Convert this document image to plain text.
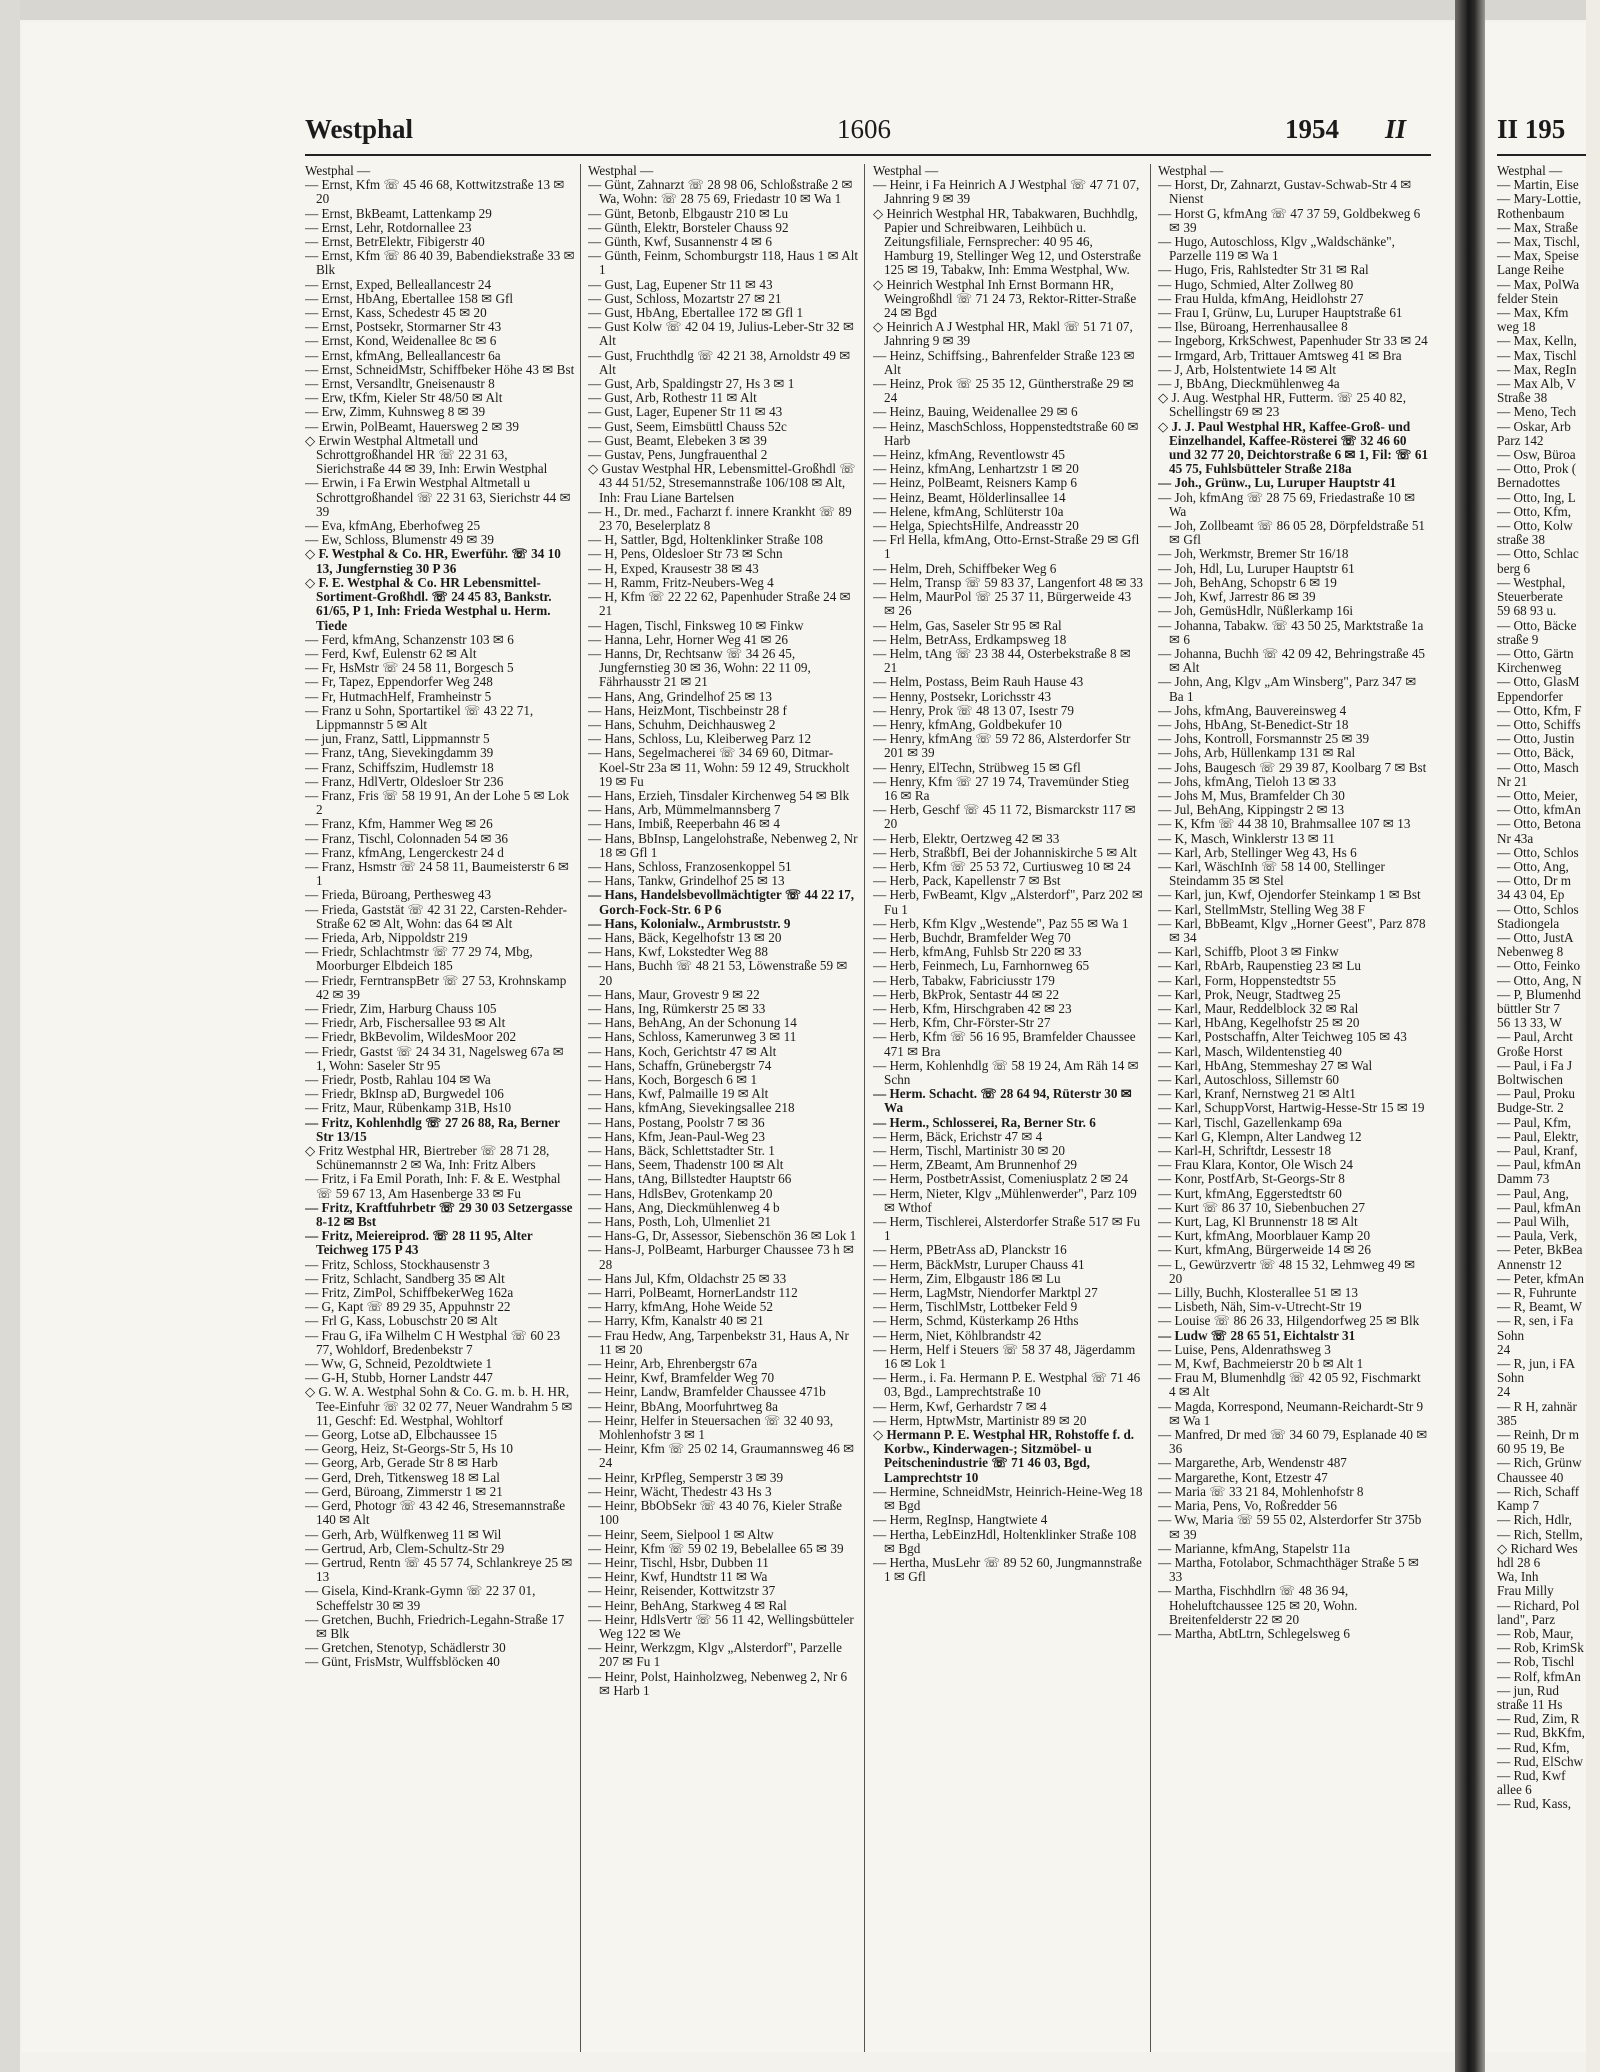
Westphal	1606	1954 II
Westphal —
— Ernst, Kfm ☏ 45 46 68, Kottwitzstraße 13 ✉ 20
— Ernst, BkBeamt, Lattenkamp 29
— Ernst, Lehr, Rotdornallee 23
— Ernst, BetrElektr, Fibigerstr 40
— Ernst, Kfm ☏ 86 40 39, Babendiekstraße 33 ✉ Blk
— Ernst, Exped, Belleallancestr 24
— Ernst, HbAng, Ebertallee 158 ✉ Gfl
— Ernst, Kass, Schedestr 45 ✉ 20
— Ernst, Postsekr, Stormarner Str 43
— Ernst, Kond, Weidenallee 8c ✉ 6
— Ernst, kfmAng, Belleallancestr 6a
— Ernst, SchneidMstr, Schiffbeker Höhe 43 ✉ Bst
— Ernst, Versandltr, Gneisenaustr 8
— Erw, tKfm, Kieler Str 48/50 ✉ Alt
— Erw, Zimm, Kuhnsweg 8 ✉ 39
— Erwin, PolBeamt, Hauersweg 2 ✉ 39
◇ Erwin Westphal Altmetall und Schrottgroßhandel HR ☏ 22 31 63, Sierichstraße 44 ✉ 39, Inh: Erwin Westphal
— Erwin, i Fa Erwin Westphal Altmetall u Schrottgroßhandel ☏ 22 31 63, Sierichstr 44 ✉ 39
— Eva, kfmAng, Eberhofweg 25
— Ew, Schloss, Blumenstr 49 ✉ 39
◇ F. Westphal & Co. HR, Ewerführ. ☏ 34 10 13, Jungfernstieg 30 P 36
◇ F. E. Westphal & Co. HR Lebensmittel-Sortiment-Großhdl. ☏ 24 45 83, Bankstr. 61/65, P 1, Inh: Frieda Westphal u. Herm. Tiede
— Ferd, kfmAng, Schanzenstr 103 ✉ 6
— Ferd, Kwf, Eulenstr 62 ✉ Alt
— Fr, HsMstr ☏ 24 58 11, Borgesch 5
— Fr, Tapez, Eppendorfer Weg 248
— Fr, HutmachHelf, Framheinstr 5
— Franz u Sohn, Sportartikel ☏ 43 22 71, Lippmannstr 5 ✉ Alt
— jun, Franz, Sattl, Lippmannstr 5
— Franz, tAng, Sievekingdamm 39
— Franz, Schiffszim, Hudlemstr 18
— Franz, HdlVertr, Oldesloer Str 236
— Franz, Fris ☏ 58 19 91, An der Lohe 5 ✉ Lok 2
— Franz, Kfm, Hammer Weg ✉ 26
— Franz, Tischl, Colonnaden 54 ✉ 36
— Franz, kfmAng, Lengerckestr 24 d
— Franz, Hsmstr ☏ 24 58 11, Baumeisterstr 6 ✉ 1
— Frieda, Büroang, Perthesweg 43
— Frieda, Gaststät ☏ 42 31 22, Carsten-Rehder-Straße 62 ✉ Alt, Wohn: das 64 ✉ Alt
— Frieda, Arb, Nippoldstr 219
— Friedr, Schlachtmstr ☏ 77 29 74, Mbg, Moorburger Elbdeich 185
— Friedr, FerntranspBetr ☏ 27 53, Krohnskamp 42 ✉ 39
— Friedr, Zim, Harburg Chauss 105
— Friedr, Arb, Fischersallee 93 ✉ Alt
— Friedr, BkBevolim, WildesMoor 202
— Friedr, Gastst ☏ 24 34 31, Nagelsweg 67a ✉ 1, Wohn: Saseler Str 95
— Friedr, Postb, Rahlau 104 ✉ Wa
— Friedr, BkInsp aD, Burgwedel 106
— Fritz, Maur, Rübenkamp 31B, Hs10
— Fritz, Kohlenhdlg ☏ 27 26 88, Ra, Berner Str 13/15
◇ Fritz Westphal HR, Biertreber ☏ 28 71 28, Schünemannstr 2 ✉ Wa, Inh: Fritz Albers
— Fritz, i Fa Emil Porath, Inh: F. & E. Westphal ☏ 59 67 13, Am Hasenberge 33 ✉ Fu
— Fritz, Kraftfuhrbetr ☏ 29 30 03 Setzergasse 8-12 ✉ Bst
— Fritz, Meiereiprod. ☏ 28 11 95, Alter Teichweg 175 P 43
— Fritz, Schloss, Stockhausenstr 3
— Fritz, Schlacht, Sandberg 35 ✉ Alt
— Fritz, ZimPol, SchiffbekerWeg 162a
— G, Kapt ☏ 89 29 35, Appuhnstr 22
— Frl G, Kass, Lobuschstr 20 ✉ Alt
— Frau G, iFa Wilhelm C H Westphal ☏ 60 23 77, Wohldorf, Bredenbekstr 7
— Ww, G, Schneid, Pezoldtwiete 1
— G-H, Stubb, Horner Landstr 447
◇ G. W. A. Westphal Sohn & Co. G. m. b. H. HR, Tee-Einfuhr ☏ 32 02 77, Neuer Wandrahm 5 ✉ 11, Geschf: Ed. Westphal, Wohltorf
— Georg, Lotse aD, Elbchaussee 15
— Georg, Heiz, St-Georgs-Str 5, Hs 10
— Georg, Arb, Gerade Str 8 ✉ Harb
— Gerd, Dreh, Titkensweg 18 ✉ Lal
— Gerd, Büroang, Zimmerstr 1 ✉ 21
— Gerd, Photogr ☏ 43 42 46, Stresemannstraße 140 ✉ Alt
— Gerh, Arb, Wülfkenweg 11 ✉ Wil
— Gertrud, Arb, Clem-Schultz-Str 29
— Gertrud, Rentn ☏ 45 57 74, Schlankreye 25 ✉ 13
— Gisela, Kind-Krank-Gymn ☏ 22 37 01, Scheffelstr 30 ✉ 39
— Gretchen, Buchh, Friedrich-Legahn-Straße 17 ✉ Blk
— Gretchen, Stenotyp, Schädlerstr 30
— Günt, FrisMstr, Wulffsblöcken 40
Westphal —
— Günt, Zahnarzt ☏ 28 98 06, Schloßstraße 2 ✉ Wa, Wohn: ☏ 28 75 69, Friedastr 10 ✉ Wa 1
— Günt, Betonb, Elbgaustr 210 ✉ Lu
— Günth, Elektr, Borsteler Chauss 92
— Günth, Kwf, Susannenstr 4 ✉ 6
— Günth, Feinm, Schomburgstr 118, Haus 1 ✉ Alt 1
— Gust, Lag, Eupener Str 11 ✉ 43
— Gust, Schloss, Mozartstr 27 ✉ 21
— Gust, HbAng, Ebertallee 172 ✉ Gfl 1
— Gust Kolw ☏ 42 04 19, Julius-Leber-Str 32 ✉ Alt
— Gust, Fruchthdlg ☏ 42 21 38, Arnoldstr 49 ✉ Alt
— Gust, Arb, Spaldingstr 27, Hs 3 ✉ 1
— Gust, Arb, Rothestr 11 ✉ Alt
— Gust, Lager, Eupener Str 11 ✉ 43
— Gust, Seem, Eimsbüttl Chauss 52c
— Gust, Beamt, Elebeken 3 ✉ 39
— Gustav, Pens, Jungfrauenthal 2
◇ Gustav Westphal HR, Lebensmittel-Großhdl ☏ 43 44 51/52, Stresemannstraße 106/108 ✉ Alt, Inh: Frau Liane Bartelsen
— H., Dr. med., Facharzt f. innere Krankht ☏ 89 23 70, Beselerplatz 8
— H, Sattler, Bgd, Holtenklinker Straße 108
— H, Pens, Oldesloer Str 73 ✉ Schn
— H, Exped, Krausestr 38 ✉ 43
— H, Ramm, Fritz-Neubers-Weg 4
— H, Kfm ☏ 22 22 62, Papenhuder Straße 24 ✉ 21
— Hagen, Tischl, Finksweg 10 ✉ Finkw
— Hanna, Lehr, Horner Weg 41 ✉ 26
— Hanns, Dr, Rechtsanw ☏ 34 26 45, Jungfernstieg 30 ✉ 36, Wohn: 22 11 09, Fährhausstr 21 ✉ 21
— Hans, Ang, Grindelhof 25 ✉ 13
— Hans, HeizMont, Tischbeinstr 28 f
— Hans, Schuhm, Deichhausweg 2
— Hans, Schloss, Lu, Kleiberweg Parz 12
— Hans, Segelmacherei ☏ 34 69 60, Ditmar-Koel-Str 23a ✉ 11, Wohn: 59 12 49, Struckholt 19 ✉ Fu
— Hans, Erzieh, Tinsdaler Kirchenweg 54 ✉ Blk
— Hans, Arb, Mümmelmannsberg 7
— Hans, Imbiß, Reeperbahn 46 ✉ 4
— Hans, BbInsp, Langelohstraße, Nebenweg 2, Nr 18 ✉ Gfl 1
— Hans, Schloss, Franzosenkoppel 51
— Hans, Tankw, Grindelhof 25 ✉ 13
— Hans, Handelsbevollmächtigter ☏ 44 22 17, Gorch-Fock-Str. 6 P 6
— Hans, Kolonialw., Armbruststr. 9
— Hans, Bäck, Kegelhofstr 13 ✉ 20
— Hans, Kwf, Lokstedter Weg 88
— Hans, Buchh ☏ 48 21 53, Löwenstraße 59 ✉ 20
— Hans, Maur, Grovestr 9 ✉ 22
— Hans, Ing, Rümkerstr 25 ✉ 33
— Hans, BehAng, An der Schonung 14
— Hans, Schloss, Kamerunweg 3 ✉ 11
— Hans, Koch, Gerichtstr 47 ✉ Alt
— Hans, Schaffn, Grünebergstr 74
— Hans, Koch, Borgesch 6 ✉ 1
— Hans, Kwf, Palmaille 19 ✉ Alt
— Hans, kfmAng, Sievekingsallee 218
— Hans, Postang, Poolstr 7 ✉ 36
— Hans, Kfm, Jean-Paul-Weg 23
— Hans, Bäck, Schlettstadter Str. 1
— Hans, Seem, Thadenstr 100 ✉ Alt
— Hans, tAng, Billstedter Hauptstr 66
— Hans, HdlsBev, Grotenkamp 20
— Hans, Ang, Dieckmühlenweg 4 b
— Hans, Posth, Loh, Ulmenliet 21
— Hans-G, Dr, Assessor, Siebenschön 36 ✉ Lok 1
— Hans-J, PolBeamt, Harburger Chaussee 73 h ✉ 28
— Hans Jul, Kfm, Oldachstr 25 ✉ 33
— Harri, PolBeamt, HornerLandstr 112
— Harry, kfmAng, Hohe Weide 52
— Harry, Kfm, Kanalstr 40 ✉ 21
— Frau Hedw, Ang, Tarpenbekstr 31, Haus A, Nr 11 ✉ 20
— Heinr, Arb, Ehrenbergstr 67a
— Heinr, Kwf, Bramfelder Weg 70
— Heinr, Landw, Bramfelder Chaussee 471b
— Heinr, BbAng, Moorfuhrtweg 8a
— Heinr, Helfer in Steuersachen ☏ 32 40 93, Mohlenhofstr 3 ✉ 1
— Heinr, Kfm ☏ 25 02 14, Graumannsweg 46 ✉ 24
— Heinr, KrPfleg, Semperstr 3 ✉ 39
— Heinr, Wächt, Thedestr 43 Hs 3
— Heinr, BbObSekr ☏ 43 40 76, Kieler Straße 100
— Heinr, Seem, Sielpool 1 ✉ Altw
— Heinr, Kfm ☏ 59 02 19, Bebelallee 65 ✉ 39
— Heinr, Tischl, Hsbr, Dubben 11
— Heinr, Kwf, Hundtstr 11 ✉ Wa
— Heinr, Reisender, Kottwitzstr 37
— Heinr, BehAng, Starkweg 4 ✉ Ral
— Heinr, HdlsVertr ☏ 56 11 42, Wellingsbütteler Weg 122 ✉ We
— Heinr, Werkzgm, Klgv „Alsterdorf", Parzelle 207 ✉ Fu 1
— Heinr, Polst, Hainholzweg, Nebenweg 2, Nr 6 ✉ Harb 1
Westphal —
— Heinr, i Fa Heinrich A J Westphal ☏ 47 71 07, Jahnring 9 ✉ 39
◇ Heinrich Westphal HR, Tabakwaren, Buchhdlg, Papier und Schreibwaren, Leihbüch u. Zeitungsfiliale, Fernsprecher: 40 95 46, Hamburg 19, Stellinger Weg 12, und Osterstraße 125 ✉ 19, Tabakw, Inh: Emma Westphal, Ww.
◇ Heinrich Westphal Inh Ernst Bormann HR, Weingroßhdl ☏ 71 24 73, Rektor-Ritter-Straße 24 ✉ Bgd
◇ Heinrich A J Westphal HR, Makl ☏ 51 71 07, Jahnring 9 ✉ 39
— Heinz, Schiffsing., Bahrenfelder Straße 123 ✉ Alt
— Heinz, Prok ☏ 25 35 12, Güntherstraße 29 ✉ 24
— Heinz, Bauing, Weidenallee 29 ✉ 6
— Heinz, MaschSchloss, Hoppenstedtstraße 60 ✉ Harb
— Heinz, kfmAng, Reventlowstr 45
— Heinz, kfmAng, Lenhartzstr 1 ✉ 20
— Heinz, PolBeamt, Reisners Kamp 6
— Heinz, Beamt, Hölderlinsallee 14
— Helene, kfmAng, Schlüterstr 10a
— Helga, SpiechtsHilfe, Andreasstr 20
— Frl Hella, kfmAng, Otto-Ernst-Straße 29 ✉ Gfl 1
— Helm, Dreh, Schiffbeker Weg 6
— Helm, Transp ☏ 59 83 37, Langenfort 48 ✉ 33
— Helm, MaurPol ☏ 25 37 11, Bürgerweide 43 ✉ 26
— Helm, Gas, Saseler Str 95 ✉ Ral
— Helm, BetrAss, Erdkampsweg 18
— Helm, tAng ☏ 23 38 44, Osterbekstraße 8 ✉ 21
— Helm, Postass, Beim Rauh Hause 43
— Henny, Postsekr, Lorichsstr 43
— Henry, Prok ☏ 48 13 07, Isestr 79
— Henry, kfmAng, Goldbekufer 10
— Henry, kfmAng ☏ 59 72 86, Alsterdorfer Str 201 ✉ 39
— Henry, ElTechn, Strübweg 15 ✉ Gfl
— Henry, Kfm ☏ 27 19 74, Travemünder Stieg 16 ✉ Ra
— Herb, Geschf ☏ 45 11 72, Bismarckstr 117 ✉ 20
— Herb, Elektr, Oertzweg 42 ✉ 33
— Herb, StraßbfI, Bei der Johanniskirche 5 ✉ Alt
— Herb, Kfm ☏ 25 53 72, Curtiusweg 10 ✉ 24
— Herb, Pack, Kapellenstr 7 ✉ Bst
— Herb, FwBeamt, Klgv „Alsterdorf", Parz 202 ✉ Fu 1
— Herb, Kfm Klgv „Westende", Paz 55 ✉ Wa 1
— Herb, Buchdr, Bramfelder Weg 70
— Herb, kfmAng, Fuhlsb Str 220 ✉ 33
— Herb, Feinmech, Lu, Farnhornweg 65
— Herb, Tabakw, Fabriciusstr 179
— Herb, BkProk, Sentastr 44 ✉ 22
— Herb, Kfm, Hirschgraben 42 ✉ 23
— Herb, Kfm, Chr-Förster-Str 27
— Herb, Kfm ☏ 56 16 95, Bramfelder Chaussee 471 ✉ Bra
— Herm, Kohlenhdlg ☏ 58 19 24, Am Räh 14 ✉ Schn
— Herm. Schacht. ☏ 28 64 94, Rüterstr 30 ✉ Wa
— Herm., Schlosserei, Ra, Berner Str. 6
— Herm, Bäck, Erichstr 47 ✉ 4
— Herm, Tischl, Martinistr 30 ✉ 20
— Herm, ZBeamt, Am Brunnenhof 29
— Herm, PostbetrAssist, Comeniusplatz 2 ✉ 24
— Herm, Nieter, Klgv „Mühlenwerder", Parz 109 ✉ Wthof
— Herm, Tischlerei, Alsterdorfer Straße 517 ✉ Fu 1
— Herm, PBetrAss aD, Planckstr 16
— Herm, BäckMstr, Luruper Chauss 41
— Herm, Zim, Elbgaustr 186 ✉ Lu
— Herm, LagMstr, Niendorfer Marktpl 27
— Herm, TischlMstr, Lottbeker Feld 9
— Herm, Schmd, Küsterkamp 26 Hths
— Herm, Niet, Köhlbrandstr 42
— Herm, Helf i Steuers ☏ 58 37 48, Jägerdamm 16 ✉ Lok 1
— Herm., i. Fa. Hermann P. E. Westphal ☏ 71 46 03, Bgd., Lamprechtstraße 10
— Herm, Kwf, Gerhardstr 7 ✉ 4
— Herm, HptwMstr, Martinistr 89 ✉ 20
◇ Hermann P. E. Westphal HR, Rohstoffe f. d. Korbw., Kinderwagen-; Sitzmöbel- u Peitschenindustrie ☏ 71 46 03, Bgd, Lamprechtstr 10
— Hermine, SchneidMstr, Heinrich-Heine-Weg 18 ✉ Bgd
— Herm, RegInsp, Hangtwiete 4
— Hertha, LebEinzHdl, Holtenklinker Straße 108 ✉ Bgd
— Hertha, MusLehr ☏ 89 52 60, Jungmannstraße 1 ✉ Gfl
Westphal —
— Horst, Dr, Zahnarzt, Gustav-Schwab-Str 4 ✉ Nienst
— Horst G, kfmAng ☏ 47 37 59, Goldbekweg 6 ✉ 39
— Hugo, Autoschloss, Klgv „Waldschänke", Parzelle 119 ✉ Wa 1
— Hugo, Fris, Rahlstedter Str 31 ✉ Ral
— Hugo, Schmied, Alter Zollweg 80
— Frau Hulda, kfmAng, Heidlohstr 27
— Frau I, Grünw, Lu, Luruper Hauptstraße 61
— Ilse, Büroang, Herrenhausallee 8
— Ingeborg, KrkSchwest, Papenhuder Str 33 ✉ 24
— Irmgard, Arb, Trittauer Amtsweg 41 ✉ Bra
— J, Arb, Holstentwiete 14 ✉ Alt
— J, BbAng, Dieckmühlenweg 4a
◇ J. Aug. Westphal HR, Futterm. ☏ 25 40 82, Schellingstr 69 ✉ 23
◇ J. J. Paul Westphal HR, Kaffee-Groß- und Einzelhandel, Kaffee-Rösterei ☏ 32 46 60 und 32 77 20, Deichtorstraße 6 ✉ 1, Fil: ☏ 61 45 75, Fuhlsbütteler Straße 218a
— Joh., Grünw., Lu, Luruper Hauptstr 41
— Joh, kfmAng ☏ 28 75 69, Friedastraße 10 ✉ Wa
— Joh, Zollbeamt ☏ 86 05 28, Dörpfeldstraße 51 ✉ Gfl
— Joh, Werkmstr, Bremer Str 16/18
— Joh, Hdl, Lu, Luruper Hauptstr 61
— Joh, BehAng, Schopstr 6 ✉ 19
— Joh, Kwf, Jarrestr 86 ✉ 39
— Joh, GemüsHdlr, Nüßlerkamp 16i
— Johanna, Tabakw. ☏ 43 50 25, Marktstraße 1a ✉ 6
— Johanna, Buchh ☏ 42 09 42, Behringstraße 45 ✉ Alt
— John, Ang, Klgv „Am Winsberg", Parz 347 ✉ Ba 1
— Johs, kfmAng, Bauvereinsweg 4
— Johs, HbAng, St-Benedict-Str 18
— Johs, Kontroll, Forsmannstr 25 ✉ 39
— Johs, Arb, Hüllenkamp 131 ✉ Ral
— Johs, Baugesch ☏ 29 39 87, Koolbarg 7 ✉ Bst
— Johs, kfmAng, Tieloh 13 ✉ 33
— Johs M, Mus, Bramfelder Ch 30
— Jul, BehAng, Kippingstr 2 ✉ 13
— K, Kfm ☏ 44 38 10, Brahmsallee 107 ✉ 13
— K, Masch, Winklerstr 13 ✉ 11
— Karl, Arb, Stellinger Weg 43, Hs 6
— Karl, WäschInh ☏ 58 14 00, Stellinger Steindamm 35 ✉ Stel
— Karl, jun, Kwf, Ojendorfer Steinkamp 1 ✉ Bst
— Karl, StellmMstr, Stelling Weg 38 F
— Karl, BbBeamt, Klgv „Horner Geest", Parz 878 ✉ 34
— Karl, Schiffb, Ploot 3 ✉ Finkw
— Karl, RbArb, Raupenstieg 23 ✉ Lu
— Karl, Form, Hoppenstedtstr 55
— Karl, Prok, Neugr, Stadtweg 25
— Karl, Maur, Reddelblock 32 ✉ Ral
— Karl, HbAng, Kegelhofstr 25 ✉ 20
— Karl, Postschaffn, Alter Teichweg 105 ✉ 43
— Karl, Masch, Wildentenstieg 40
— Karl, HbAng, Stemmeshay 27 ✉ Wal
— Karl, Autoschloss, Sillemstr 60
— Karl, Kranf, Nernstweg 21 ✉ Alt1
— Karl, SchuppVorst, Hartwig-Hesse-Str 15 ✉ 19
— Karl, Tischl, Gazellenkamp 69a
— Karl G, Klempn, Alter Landweg 12
— Karl-H, Schriftdr, Lessestr 18
— Frau Klara, Kontor, Ole Wisch 24
— Konr, PostfArb, St-Georgs-Str 8
— Kurt, kfmAng, Eggerstedtstr 60
— Kurt ☏ 86 37 10, Siebenbuchen 27
— Kurt, Lag, Kl Brunnenstr 18 ✉ Alt
— Kurt, kfmAng, Moorblauer Kamp 20
— Kurt, kfmAng, Bürgerweide 14 ✉ 26
— L, Gewürzvertr ☏ 48 15 32, Lehmweg 49 ✉ 20
— Lilly, Buchh, Klosterallee 51 ✉ 13
— Lisbeth, Näh, Sim-v-Utrecht-Str 19
— Louise ☏ 86 26 33, Hilgendorfweg 25 ✉ Blk
— Ludw ☏ 28 65 51, Eichtalstr 31
— Luise, Pens, Aldenrathsweg 3
— M, Kwf, Bachmeierstr 20 b ✉ Alt 1
— Frau M, Blumenhdlg ☏ 42 05 92, Fischmarkt 4 ✉ Alt
— Magda, Korrespond, Neumann-Reichardt-Str 9 ✉ Wa 1
— Manfred, Dr med ☏ 34 60 79, Esplanade 40 ✉ 36
— Margarethe, Arb, Wendenstr 487
— Margarethe, Kont, Etzestr 47
— Maria ☏ 33 21 84, Mohlenhofstr 8
— Maria, Pens, Vo, Roßredder 56
— Ww, Maria ☏ 59 55 02, Alsterdorfer Str 375b ✉ 39
— Marianne, kfmAng, Stapelstr 11a
— Martha, Fotolabor, Schmachthäger Straße 5 ✉ 33
— Martha, Fischhdlrn ☏ 48 36 94, Hoheluftchaussee 125 ✉ 20, Wohn. Breitenfelderstr 22 ✉ 20
— Martha, AbtLtrn, Schlegelsweg 6
II 195
Westphal —
— Martin, Eise
— Mary-Lottie,
Rothenbaum
— Max, Straße
— Max, Tischl,
— Max, Speise
Lange Reihe
— Max, PolWa
felder Stein
— Max, Kfm
weg 18
— Max, Kelln,
— Max, Tischl
— Max, RegIn
— Max Alb, V
Straße 38
— Meno, Tech
— Oskar, Arb
Parz 142
— Osw, Büroa
— Otto, Prok (
Bernadottes
— Otto, Ing, L
— Otto, Kfm,
— Otto, Kolw
straße 38
— Otto, Schlac
berg 6
— Westphal,
Steuerberate
59 68 93 u.
— Otto, Bäcke
straße 9
— Otto, Gärtn
Kirchenweg
— Otto, GlasM
Eppendorfer
— Otto, Kfm, F
— Otto, Schiffs
— Otto, Justin
— Otto, Bäck,
— Otto, Masch
Nr 21
— Otto, Meier,
— Otto, kfmAn
— Otto, Betona
Nr 43a
— Otto, Schlos
— Otto, Ang,
— Otto, Dr m
34 43 04, Ep
— Otto, Schlos
Stadiongela
— Otto, JustA
Nebenweg 8
— Otto, Feinko
— Otto, Ang, N
— P, Blumenhd
büttler Str 7
56 13 33, W
— Paul, Archt
Große Horst
— Paul, i Fa J
Boltwischen
— Paul, Proku
Budge-Str. 2
— Paul, Kfm,
— Paul, Elektr,
— Paul, Kranf,
— Paul, kfmAn
Damm 73
— Paul, Ang,
— Paul, kfmAn
— Paul Wilh,
— Paula, Verk,
— Peter, BkBea
Annenstr 12
— Peter, kfmAn
— R, Fuhrunte
— R, Beamt, W
— R, sen, i Fa
Sohn
24
— R, jun, i FA
Sohn
24
— R H, zahnär
385
— Reinh, Dr m
60 95 19, Be
— Rich, Grünw
Chaussee 40
— Rich, Schaff
Kamp 7
— Rich, Hdlr,
— Rich, Stellm,
◇ Richard Wes
hdl 28 6
Wa, Inh
Frau Milly
— Richard, Pol
land", Parz
— Rob, Maur,
— Rob, KrimSk
— Rob, Tischl
— Rolf, kfmAn
— jun, Rud
straße 11 Hs
— Rud, Zim, R
— Rud, BkKfm,
— Rud, Kfm,
— Rud, ElSchw
— Rud, Kwf
allee 6
— Rud, Kass,
